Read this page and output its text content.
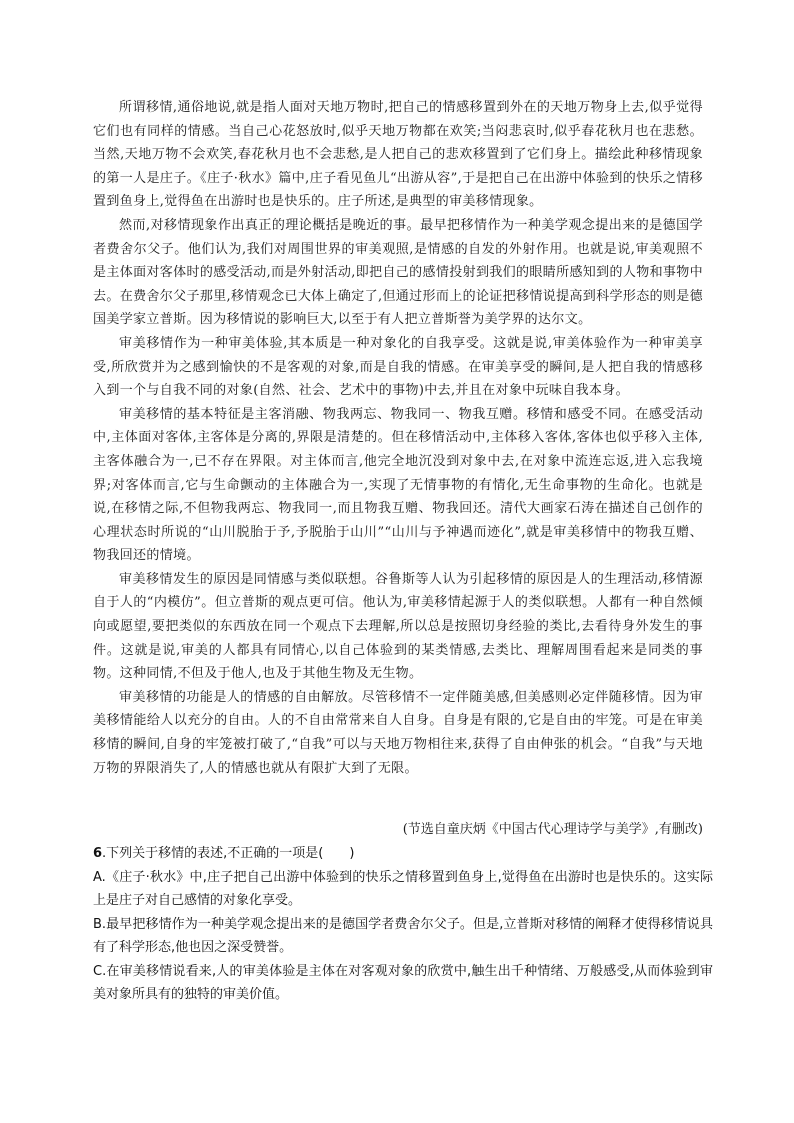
所谓移情,通俗地说,就是指人面对天地万物时,把自己的情感移置到外在的天地万物身上去,似乎觉得它们也有同样的情感。当自己心花怒放时,似乎天地万物都在欢笑;当闷悲哀时,似乎春花秋月也在悲愁。当然,天地万物不会欢笑,春花秋月也不会悲愁,是人把自己的悲欢移置到了它们身上。描绘此种移情现象的第一人是庄子。《庄子·秋水》篇中,庄子看见鱼儿“出游从容”,于是把自己在出游中体验到的快乐之情移置到鱼身上,觉得鱼在出游时也是快乐的。庄子所述,是典型的审美移情现象。

然而,对移情现象作出真正的理论概括是晚近的事。最早把移情作为一种美学观念提出来的是德国学者费舍尔父子。他们认为,我们对周围世界的审美观照,是情感的自发的外射作用。也就是说,审美观照不是主体面对客体时的感受活动,而是外射活动,即把自己的感情投射到我们的眼睛所感知到的人物和事物中去。在费舍尔父子那里,移情观念已大体上确定了,但通过形而上的论证把移情说提高到科学形态的则是德国美学家立普斯。因为移情说的影响巨大,以至于有人把立普斯誉为美学界的达尔文。

审美移情作为一种审美体验,其本质是一种对象化的自我享受。这就是说,审美体验作为一种审美享受,所欣赏并为之感到愉快的不是客观的对象,而是自我的情感。在审美享受的瞬间,是人把自我的情感移入到一个与自我不同的对象(自然、社会、艺术中的事物)中去,并且在对象中玩味自我本身。

审美移情的基本特征是主客消融、物我两忘、物我同一、物我互赠。移情和感受不同。在感受活动中,主体面对客体,主客体是分离的,界限是清楚的。但在移情活动中,主体移入客体,客体也似乎移入主体,主客体融合为一,已不存在界限。对主体而言,他完全地沉没到对象中去,在对象中流连忘返,进入忘我境界;对客体而言,它与生命颤动的主体融合为一,实现了无情事物的有情化,无生命事物的生命化。也就是说,在移情之际,不但物我两忘、物我同一,而且物我互赠、物我回还。清代大画家石涛在描述自己创作的心理状态时所说的“山川脱胎于予,予脱胎于山川”“山川与予神遇而迹化”,就是审美移情中的物我互赠、物我回还的情境。

审美移情发生的原因是同情感与类似联想。谷鲁斯等人认为引起移情的原因是人的生理活动,移情源自于人的“内模仿”。但立普斯的观点更可信。他认为,审美移情起源于人的类似联想。人都有一种自然倾向或愿望,要把类似的东西放在同一个观点下去理解,所以总是按照切身经验的类比,去看待身外发生的事件。这就是说,审美的人都具有同情心,以自己体验到的某类情感,去类比、理解周围看起来是同类的事物。这种同情,不但及于他人,也及于其他生物及无生物。

审美移情的功能是人的情感的自由解放。尽管移情不一定伴随美感,但美感则必定伴随移情。因为审美移情能给人以充分的自由。人的不自由常常来自人自身。自身是有限的,它是自由的牢笼。可是在审美移情的瞬间,自身的牢笼被打破了,“自我”可以与天地万物相往来,获得了自由伸张的机会。“自我”与天地万物的界限消失了,人的情感也就从有限扩大到了无限。

(节选自童庆炳《中国古代心理诗学与美学》,有删改)

6.下列关于移情的表述,不正确的一项是(　　)

A.《庄子·秋水》中,庄子把自己出游中体验到的快乐之情移置到鱼身上,觉得鱼在出游时也是快乐的。这实际上是庄子对自己感情的对象化享受。

B.最早把移情作为一种美学观念提出来的是德国学者费舍尔父子。但是,立普斯对移情的阐释才使得移情说具有了科学形态,他也因之深受赞誉。

C.在审美移情说看来,人的审美体验是主体在对客观对象的欣赏中,触生出千种情绪、万般感受,从而体验到审美对象所具有的独特的审美价值。
